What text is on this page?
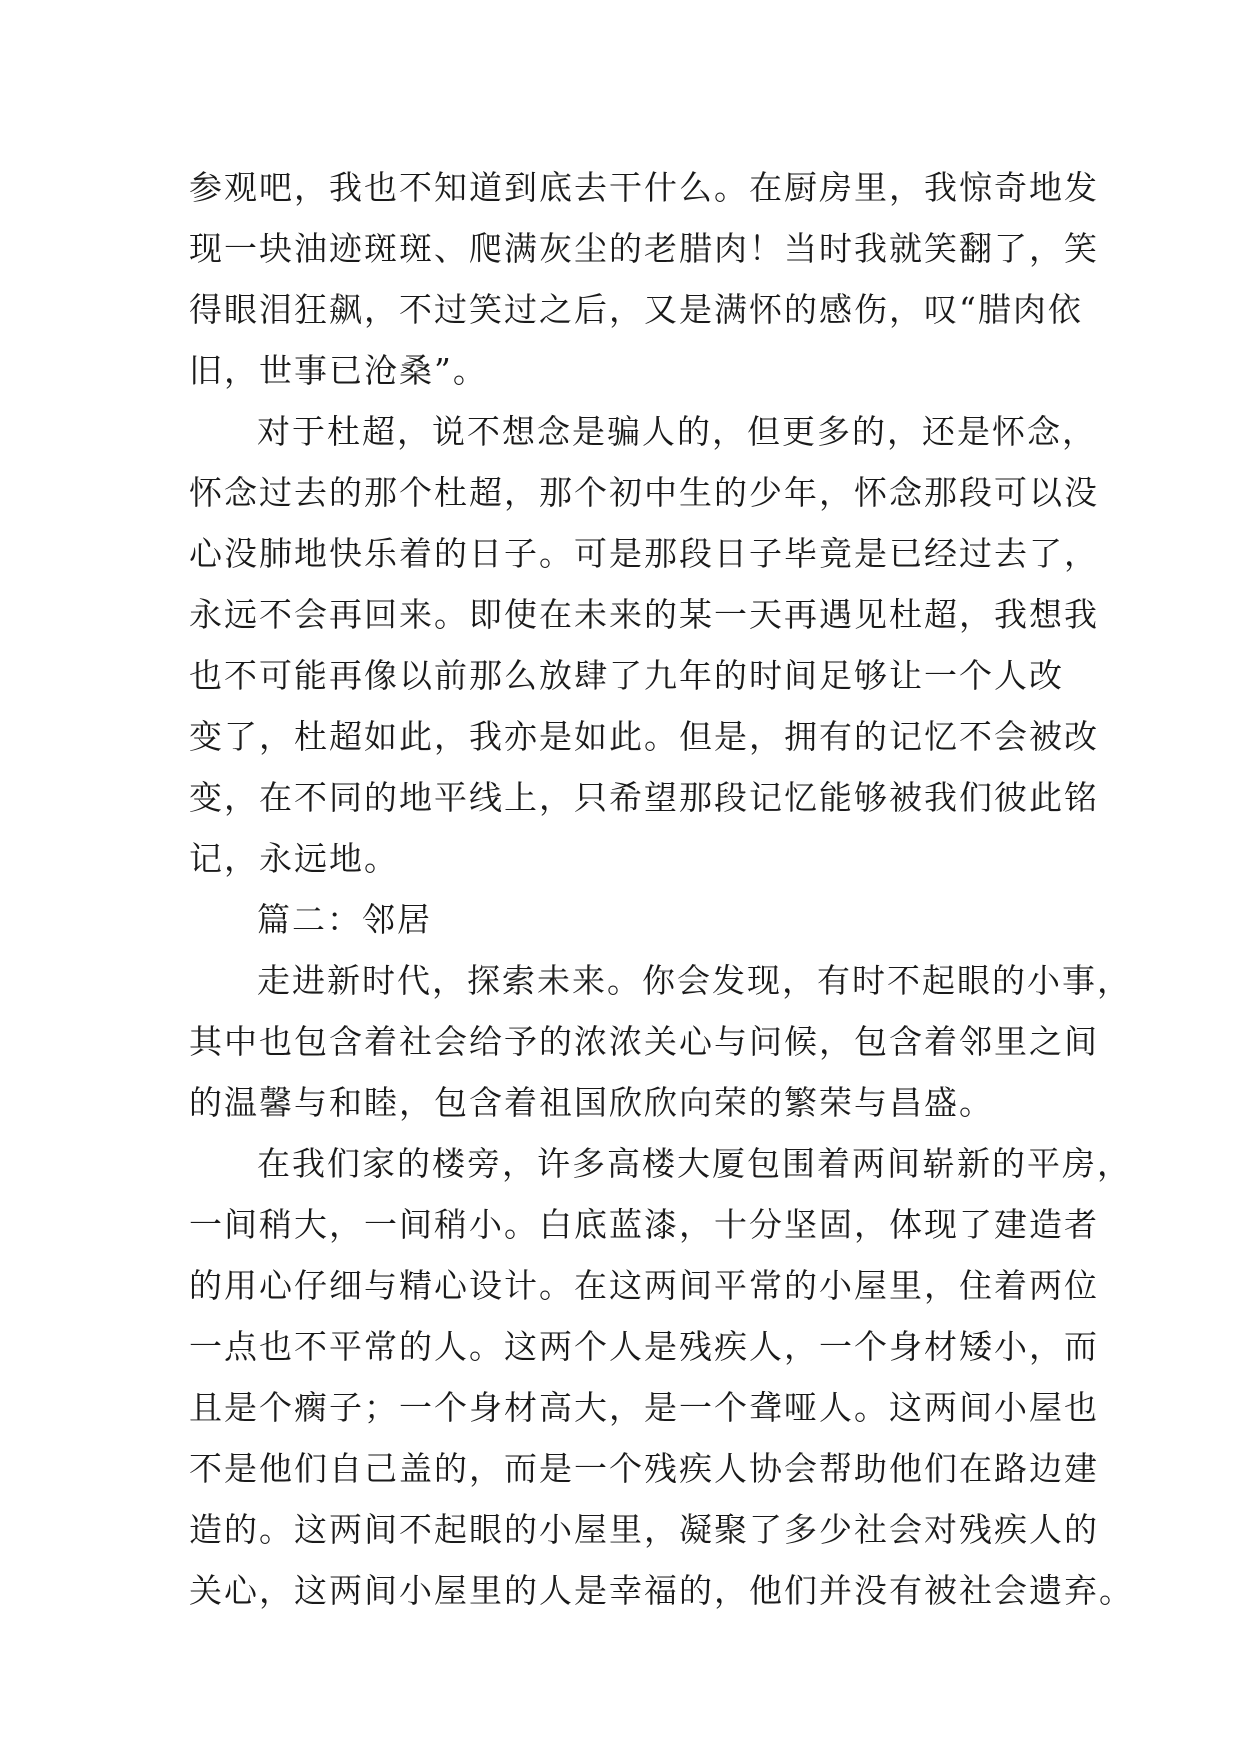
参观吧，我也不知道到底去干什么。在厨房里，我惊奇地发

现一块油迹斑斑、爬满灰尘的老腊肉！当时我就笑翻了，笑

得眼泪狂飙，不过笑过之后，又是满怀的感伤，叹“腊肉依

旧，世事已沧桑”。

对于杜超，说不想念是骗人的，但更多的，还是怀念，

怀念过去的那个杜超，那个初中生的少年，怀念那段可以没

心没肺地快乐着的日子。可是那段日子毕竟是已经过去了，

永远不会再回来。即使在未来的某一天再遇见杜超，我想我

也不可能再像以前那么放肆了九年的时间足够让一个人改

变了，杜超如此，我亦是如此。但是，拥有的记忆不会被改

变，在不同的地平线上，只希望那段记忆能够被我们彼此铭

记，永远地。

篇二：邻居

走进新时代，探索未来。你会发现，有时不起眼的小事，

其中也包含着社会给予的浓浓关心与问候，包含着邻里之间

的温馨与和睦，包含着祖国欣欣向荣的繁荣与昌盛。

在我们家的楼旁，许多高楼大厦包围着两间崭新的平房，

一间稍大，一间稍小。白底蓝漆，十分坚固，体现了建造者

的用心仔细与精心设计。在这两间平常的小屋里，住着两位

一点也不平常的人。这两个人是残疾人，一个身材矮小，而

且是个瘸子；一个身材高大，是一个聋哑人。这两间小屋也

不是他们自己盖的，而是一个残疾人协会帮助他们在路边建

造的。这两间不起眼的小屋里，凝聚了多少社会对残疾人的

关心，这两间小屋里的人是幸福的，他们并没有被社会遗弃。
